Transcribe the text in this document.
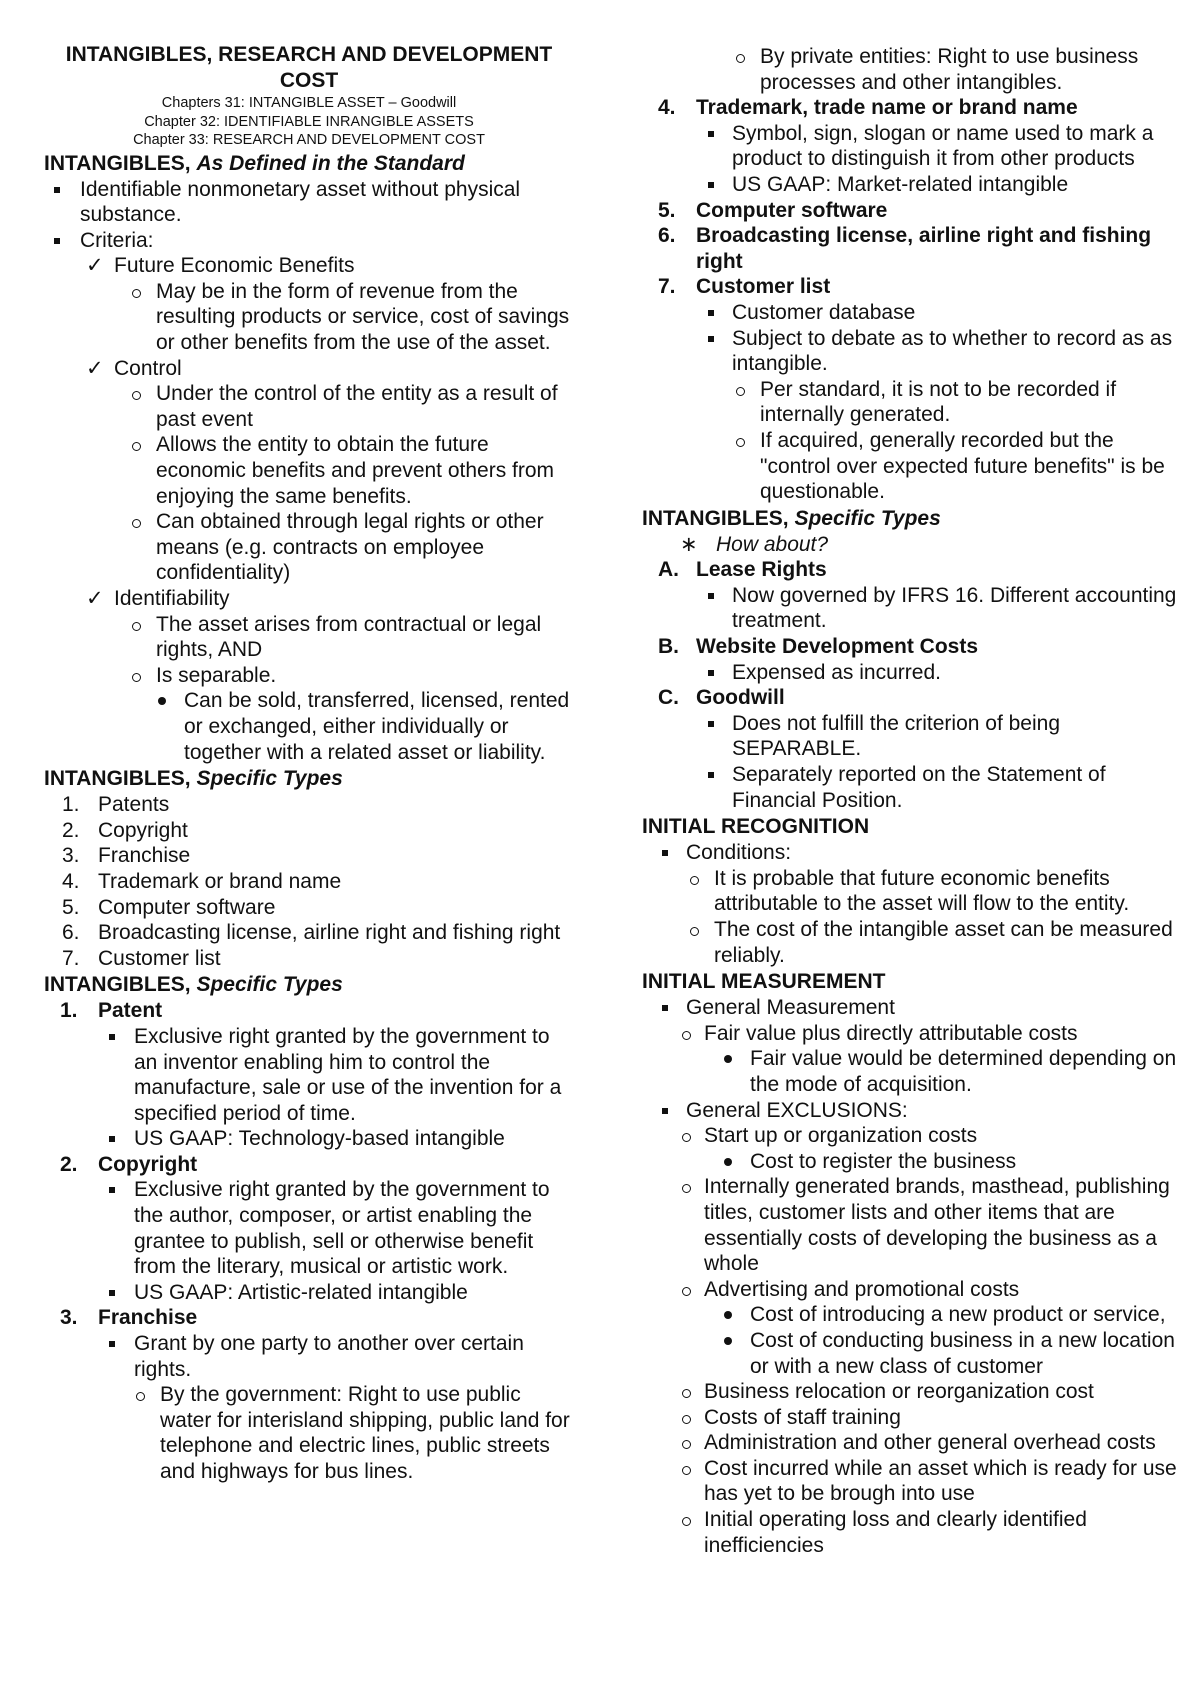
INTANGIBLES, RESEARCH AND DEVELOPMENT
COST
Chapters 31: INTANGIBLE ASSET – Goodwill
Chapter 32: IDENTIFIABLE INRANGIBLE ASSETS
Chapter 33: RESEARCH AND DEVELOPMENT COST
INTANGIBLES, As Defined in the Standard
Identifiable nonmonetary asset without physical substance.
Criteria:
✓ Future Economic Benefits
May be in the form of revenue from the resulting products or service, cost of savings or other benefits from the use of the asset.
✓ Control
Under the control of the entity as a result of past event
Allows the entity to obtain the future economic benefits and prevent others from enjoying the same benefits.
Can obtained through legal rights or other means (e.g. contracts on employee confidentiality)
✓ Identifiability
The asset arises from contractual or legal rights, AND
Is separable.
Can be sold, transferred, licensed, rented or exchanged, either individually or together with a related asset or liability.
INTANGIBLES, Specific Types
1. Patents
2. Copyright
3. Franchise
4. Trademark or brand name
5. Computer software
6. Broadcasting license, airline right and fishing right
7. Customer list
INTANGIBLES, Specific Types
1. Patent
Exclusive right granted by the government to an inventor enabling him to control the manufacture, sale or use of the invention for a specified period of time.
US GAAP: Technology-based intangible
2. Copyright
Exclusive right granted by the government to the author, composer, or artist enabling the grantee to publish, sell or otherwise benefit from the literary, musical or artistic work.
US GAAP: Artistic-related intangible
3. Franchise
Grant by one party to another over certain rights.
By the government: Right to use public water for interisland shipping, public land for telephone and electric lines, public streets and highways for bus lines.
By private entities: Right to use business processes and other intangibles.
4. Trademark, trade name or brand name
Symbol, sign, slogan or name used to mark a product to distinguish it from other products
US GAAP: Market-related intangible
5. Computer software
6. Broadcasting license, airline right and fishing right
7. Customer list
Customer database
Subject to debate as to whether to record as as intangible.
Per standard, it is not to be recorded if internally generated.
If acquired, generally recorded but the "control over expected future benefits" is be questionable.
INTANGIBLES, Specific Types
∗ How about?
A. Lease Rights
Now governed by IFRS 16. Different accounting treatment.
B. Website Development Costs
Expensed as incurred.
C. Goodwill
Does not fulfill the criterion of being SEPARABLE.
Separately reported on the Statement of Financial Position.
INITIAL RECOGNITION
Conditions:
It is probable that future economic benefits attributable to the asset will flow to the entity.
The cost of the intangible asset can be measured reliably.
INITIAL MEASUREMENT
General Measurement
Fair value plus directly attributable costs
Fair value would be determined depending on the mode of acquisition.
General EXCLUSIONS:
Start up or organization costs
Cost to register the business
Internally generated brands, masthead, publishing titles, customer lists and other items that are essentially costs of developing the business as a whole
Advertising and promotional costs
Cost of introducing a new product or service,
Cost of conducting business in a new location or with a new class of customer
Business relocation or reorganization cost
Costs of staff training
Administration and other general overhead costs
Cost incurred while an asset which is ready for use has yet to be brough into use
Initial operating loss and clearly identified inefficiencies
